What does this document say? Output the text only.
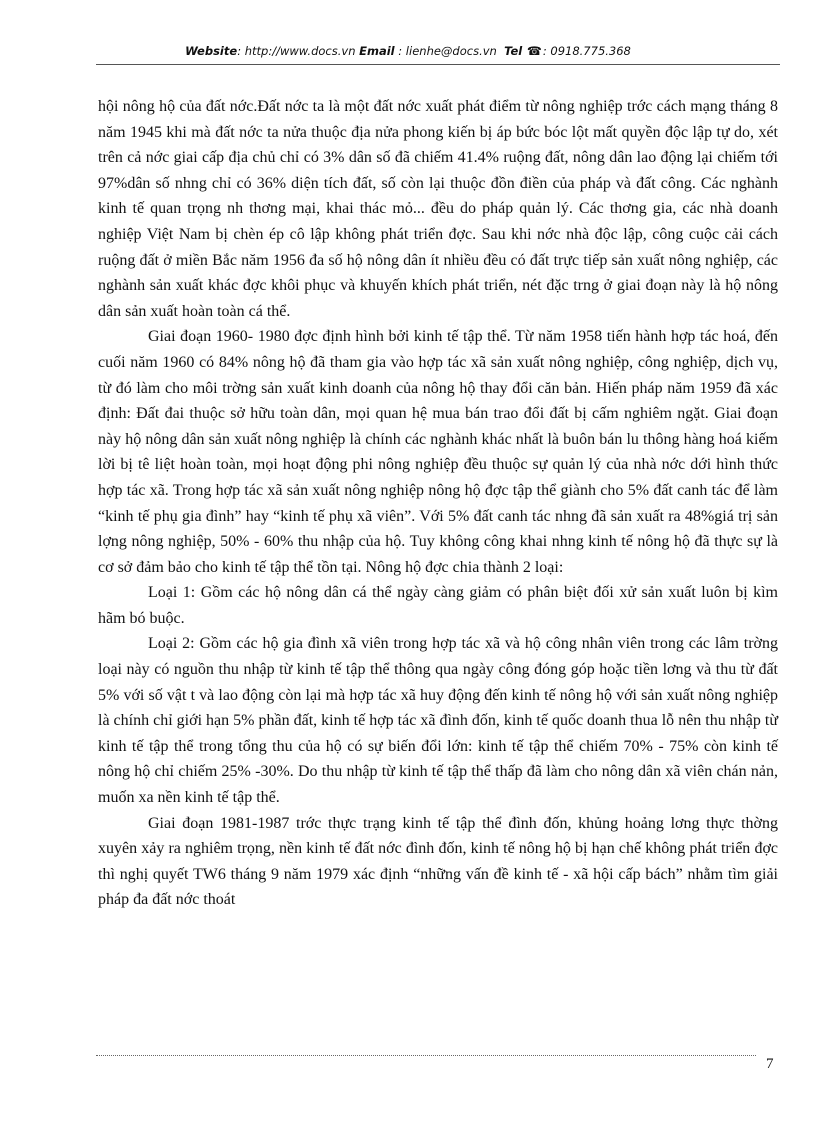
Website: http://www.docs.vn Email : lienhe@docs.vn  Tel ☎: 0918.775.368

hội nông hộ của đất nớc.Đất nớc ta là một đất nớc xuất phát điểm từ nông nghiệp trớc cách mạng tháng 8 năm 1945 khi mà đất nớc ta nửa thuộc địa nửa phong kiến bị áp bức bóc lột mất quyền độc lập tự do, xét trên cả nớc giai cấp địa chủ chỉ có 3% dân số đã chiếm 41.4% ruộng đất, nông dân lao động lại chiếm tới 97%dân số nhng chỉ có 36% diện tích đất, số còn lại thuộc đồn điền của pháp và đất công. Các nghành kinh tế quan trọng nh thơng mại, khai thác mỏ... đều do pháp quản lý. Các thơng gia, các nhà doanh nghiệp Việt Nam bị chèn ép cô lập không phát triển đợc. Sau khi nớc nhà độc lập, công cuộc cải cách ruộng đất ở miền Bắc năm 1956 đa số hộ nông dân ít nhiều đều có đất trực tiếp sản xuất nông nghiệp, các nghành sản xuất khác đợc khôi phục và khuyến khích phát triển, nét đặc trng ở giai đoạn này là hộ nông dân sản xuất hoàn toàn cá thể.

Giai đoạn 1960- 1980 đợc định hình bởi kinh tế tập thể. Từ năm 1958 tiến hành hợp tác hoá, đến cuối năm 1960 có 84% nông hộ đã tham gia vào hợp tác xã sản xuất nông nghiệp, công nghiệp, dịch vụ, từ đó làm cho môi trờng sản xuất kinh doanh của nông hộ thay đổi căn bản. Hiến pháp năm 1959 đã xác định: Đất đai thuộc sở hữu toàn dân, mọi quan hệ mua bán trao đổi đất bị cấm nghiêm ngặt. Giai đoạn này hộ nông dân sản xuất nông nghiệp là chính các nghành khác nhất là buôn bán lu thông hàng hoá kiếm lời bị tê liệt hoàn toàn, mọi hoạt động phi nông nghiệp đều thuộc sự quản lý của nhà nớc dới hình thức hợp tác xã. Trong hợp tác xã sản xuất nông nghiệp nông hộ đợc tập thể giành cho 5% đất canh tác để làm “kinh tế phụ gia đình” hay “kinh tế phụ xã viên”. Với 5% đất canh tác nhng đã sản xuất ra 48%giá trị sản lợng nông nghiệp, 50% - 60% thu nhập của hộ. Tuy không công khai nhng kinh tế nông hộ đã thực sự là cơ sở đảm bảo cho kinh tế tập thể tồn tại. Nông hộ đợc chia thành 2 loại:

Loại 1: Gồm các hộ nông dân cá thể ngày càng giảm có phân biệt đối xử sản xuất luôn bị kìm hãm bó buộc.

Loại 2: Gồm các hộ gia đình xã viên trong hợp tác xã và hộ công nhân viên trong các lâm trờng loại này có nguồn thu nhập từ kinh tế tập thể thông qua ngày công đóng góp hoặc tiền lơng và thu từ đất 5% với số vật t và lao động còn lại mà hợp tác xã huy động đến kinh tế nông hộ với sản xuất nông nghiệp là chính chỉ giới hạn 5% phần đất, kinh tế hợp tác xã đình đốn, kinh tế quốc doanh thua lỗ nên thu nhập từ kinh tế tập thể trong tổng thu của hộ có sự biến đổi lớn: kinh tế tập thể chiếm 70% - 75% còn kinh tế nông hộ chỉ chiếm 25% -30%. Do thu nhập từ kinh tế tập thể thấp đã làm cho nông dân xã viên chán nản, muốn xa nền kinh tế tập thể.

Giai đoạn 1981-1987 trớc thực trạng kinh tế tập thể đình đốn, khủng hoảng lơng thực thờng xuyên xảy ra nghiêm trọng, nền kinh tế đất nớc đình đốn, kinh tế nông hộ bị hạn chế không phát triển đợc thì nghị quyết TW6 tháng 9 năm 1979 xác định “những vấn đề kinh tế - xã hội cấp bách” nhằm tìm giải pháp đa đất nớc thoát

7
